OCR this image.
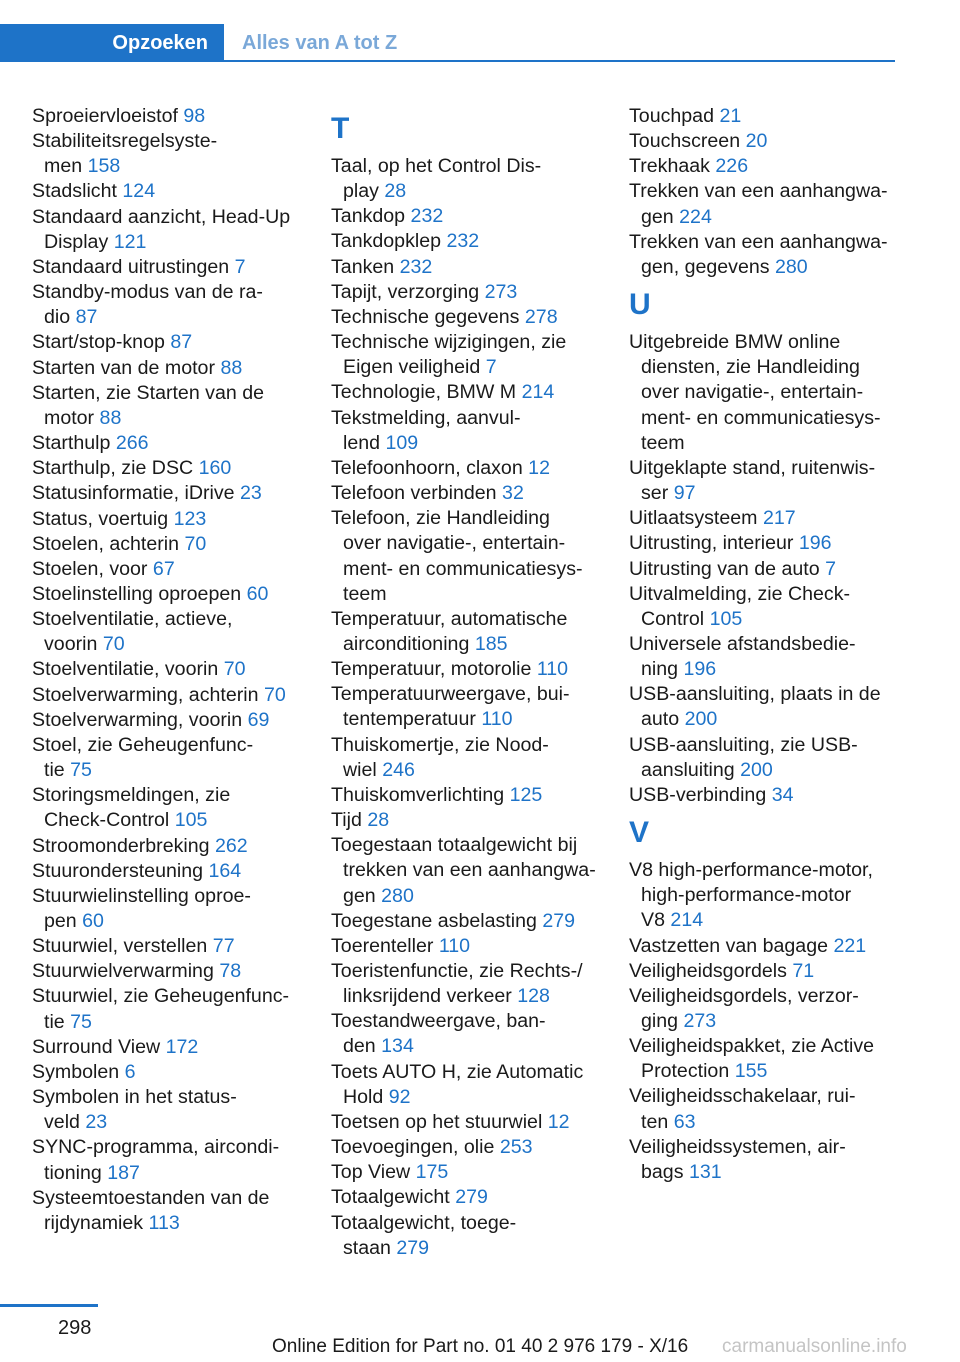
Opzoeken	Alles van A tot Z
Sproeiervloeistof 98
Stabiliteitsregelsyste-
men 158
Stadslicht 124
Standaard aanzicht, Head-Up
Display 121
Standaard uitrustingen 7
Standby-modus van de ra-
dio 87
Start/stop-knop 87
Starten van de motor 88
Starten, zie Starten van de
motor 88
Starthulp 266
Starthulp, zie DSC 160
Statusinformatie, iDrive 23
Status, voertuig 123
Stoelen, achterin 70
Stoelen, voor 67
Stoelinstelling oproepen 60
Stoelventilatie, actieve,
voorin 70
Stoelventilatie, voorin 70
Stoelverwarming, achterin 70
Stoelverwarming, voorin 69
Stoel, zie Geheugenfunc-
tie 75
Storingsmeldingen, zie
Check-Control 105
Stroomonderbreking 262
Stuurondersteuning 164
Stuurwielinstelling oproe-
pen 60
Stuurwiel, verstellen 77
Stuurwielverwarming 78
Stuurwiel, zie Geheugenfunc-
tie 75
Surround View 172
Symbolen 6
Symbolen in het status-
veld 23
SYNC-programma, aircondi-
tioning 187
Systeemtoestanden van de
rijdynamiek 113
T
Taal, op het Control Dis-
play 28
Tankdop 232
Tankdopklep 232
Tanken 232
Tapijt, verzorging 273
Technische gegevens 278
Technische wijzigingen, zie
Eigen veiligheid 7
Technologie, BMW M 214
Tekstmelding, aanvul-
lend 109
Telefoonhoorn, claxon 12
Telefoon verbinden 32
Telefoon, zie Handleiding
over navigatie-, entertain-
ment- en communicatiesys-
teem
Temperatuur, automatische
airconditioning 185
Temperatuur, motorolie 110
Temperatuurweergave, bui-
tentemperatuur 110
Thuiskomertje, zie Nood-
wiel 246
Thuiskomverlichting 125
Tijd 28
Toegestaan totaalgewicht bij
trekken van een aanhangwa-
gen 280
Toegestane asbelasting 279
Toerenteller 110
Toeristenfunctie, zie Rechts-/
linksrijdend verkeer 128
Toestandweergave, ban-
den 134
Toets AUTO H, zie Automatic
Hold 92
Toetsen op het stuurwiel 12
Toevoegingen, olie 253
Top View 175
Totaalgewicht 279
Totaalgewicht, toege-
staan 279
Touchpad 21
Touchscreen 20
Trekhaak 226
Trekken van een aanhangwa-
gen 224
Trekken van een aanhangwa-
gen, gegevens 280
U
Uitgebreide BMW online
diensten, zie Handleiding
over navigatie-, entertain-
ment- en communicatiesys-
teem
Uitgeklapte stand, ruitenwis-
ser 97
Uitlaatsysteem 217
Uitrusting, interieur 196
Uitrusting van de auto 7
Uitvalmelding, zie Check-
Control 105
Universele afstandsbedie-
ning 196
USB-aansluiting, plaats in de
auto 200
USB-aansluiting, zie USB-
aansluiting 200
USB-verbinding 34
V
V8 high-performance-motor,
high-performance-motor
V8 214
Vastzetten van bagage 221
Veiligheidsgordels 71
Veiligheidsgordels, verzor-
ging 273
Veiligheidspakket, zie Active
Protection 155
Veiligheidsschakelaar, rui-
ten 63
Veiligheidssystemen, air-
bags 131
298
Online Edition for Part no. 01 40 2 976 179 - X/16 carmanualsonline.info
